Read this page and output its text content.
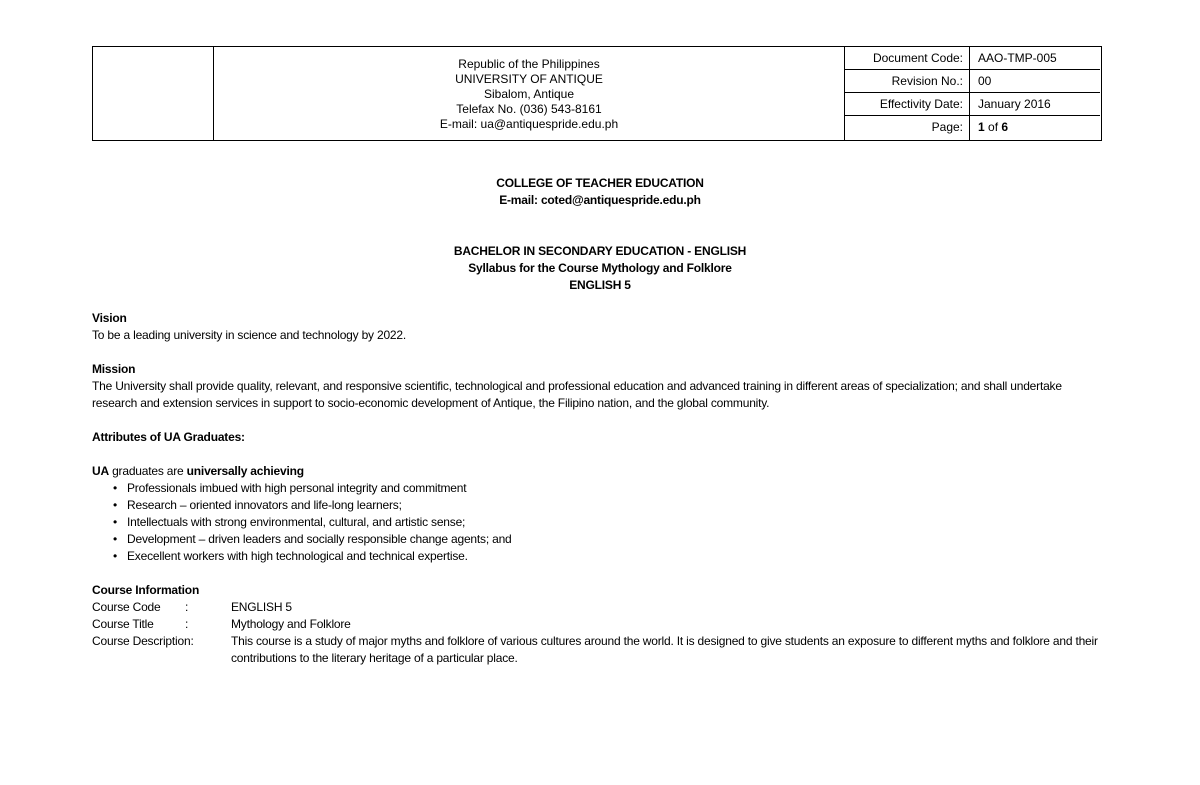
Republic of the Philippines
UNIVERSITY OF ANTIQUE
Sibalom, Antique
Telefax No. (036) 543-8161
E-mail: ua@antiquespride.edu.ph
Document Code:	AAO-TMP-005
Revision No.:	00
Effectivity Date:	January 2016
Page:	1 of 6
COLLEGE OF TEACHER EDUCATION
E-mail: coted@antiquespride.edu.ph
BACHELOR IN SECONDARY EDUCATION - ENGLISH
Syllabus for the Course Mythology and Folklore
ENGLISH 5
Vision
To be a leading university in science and technology by 2022.
Mission
The University shall provide quality, relevant, and responsive scientific, technological and professional education and advanced training in different areas of specialization; and shall undertake research and extension services in support to socio-economic development of Antique, the Filipino nation, and the global community.
Attributes of UA Graduates:
UA graduates are universally achieving
• Professionals imbued with high personal integrity and commitment
• Research – oriented innovators and life-long learners;
• Intellectuals with strong environmental, cultural, and artistic sense;
• Development – driven leaders and socially responsible change agents; and
• Execellent workers with high technological and technical expertise.
Course Information
Course Code	:	ENGLISH 5
Course Title	:	Mythology and Folklore
Course Description:	This course is a study of major myths and folklore of various cultures around the world. It is designed to give students an exposure to different myths and folklore and their
contributions to the literary heritage of a particular place.
